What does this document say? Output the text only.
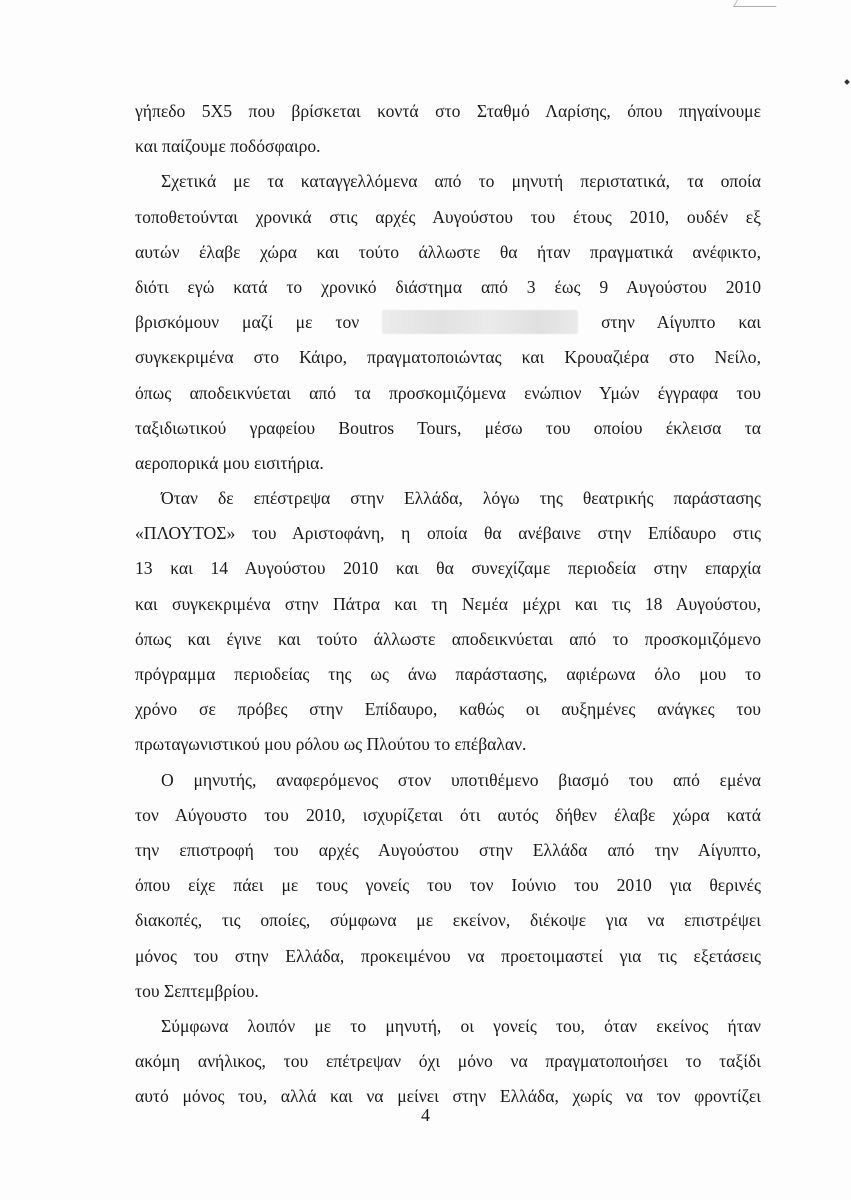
γήπεδο 5Χ5 που βρίσκεται κοντά στο Σταθμό Λαρίσης, όπου πηγαίνουμε
και παίζουμε ποδόσφαιρο.
Σχετικά με τα καταγγελλόμενα από το μηνυτή περιστατικά, τα οποία
τοποθετούνται χρονικά στις αρχές Αυγούστου του έτους 2010, ουδέν εξ
αυτών έλαβε χώρα και τούτο άλλωστε θα ήταν πραγματικά ανέφικτο,
διότι εγώ κατά το χρονικό διάστημα από 3 έως 9 Αυγούστου 2010
βρισκόμουν μαζί με τον	στην Αίγυπτο και
συγκεκριμένα στο Κάιρο, πραγματοποιώντας και Κρουαζιέρα στο Νείλο,
όπως αποδεικνύεται από τα προσκομιζόμενα ενώπιον Υμών έγγραφα του
ταξιδιωτικού γραφείου Boutros Tours, μέσω του οποίου έκλεισα τα
αεροπορικά μου εισιτήρια.
Όταν δε επέστρεψα στην Ελλάδα, λόγω της θεατρικής παράστασης
«ΠΛΟΥΤΟΣ» του Αριστοφάνη, η οποία θα ανέβαινε στην Επίδαυρο στις
13 και 14 Αυγούστου 2010 και θα συνεχίζαμε περιοδεία στην επαρχία
και συγκεκριμένα στην Πάτρα και τη Νεμέα μέχρι και τις 18 Αυγούστου,
όπως και έγινε και τούτο άλλωστε αποδεικνύεται από το προσκομιζόμενο
πρόγραμμα περιοδείας της ως άνω παράστασης, αφιέρωνα όλο μου το
χρόνο σε πρόβες στην Επίδαυρο, καθώς οι αυξημένες ανάγκες του
πρωταγωνιστικού μου ρόλου ως Πλούτου το επέβαλαν.
Ο μηνυτής, αναφερόμενος στον υποτιθέμενο βιασμό του από εμένα
τον Αύγουστο του 2010, ισχυρίζεται ότι αυτός δήθεν έλαβε χώρα κατά
την επιστροφή του αρχές Αυγούστου στην Ελλάδα από την Αίγυπτο,
όπου είχε πάει με τους γονείς του τον Ιούνιο του 2010 για θερινές
διακοπές, τις οποίες, σύμφωνα με εκείνον, διέκοψε για να επιστρέψει
μόνος του στην Ελλάδα, προκειμένου να προετοιμαστεί για τις εξετάσεις
του Σεπτεμβρίου.
Σύμφωνα λοιπόν με το μηνυτή, οι γονείς του, όταν εκείνος ήταν
ακόμη ανήλικος, του επέτρεψαν όχι μόνο να πραγματοποιήσει το ταξίδι
αυτό μόνος του, αλλά και να μείνει στην Ελλάδα, χωρίς να τον φροντίζει
4
